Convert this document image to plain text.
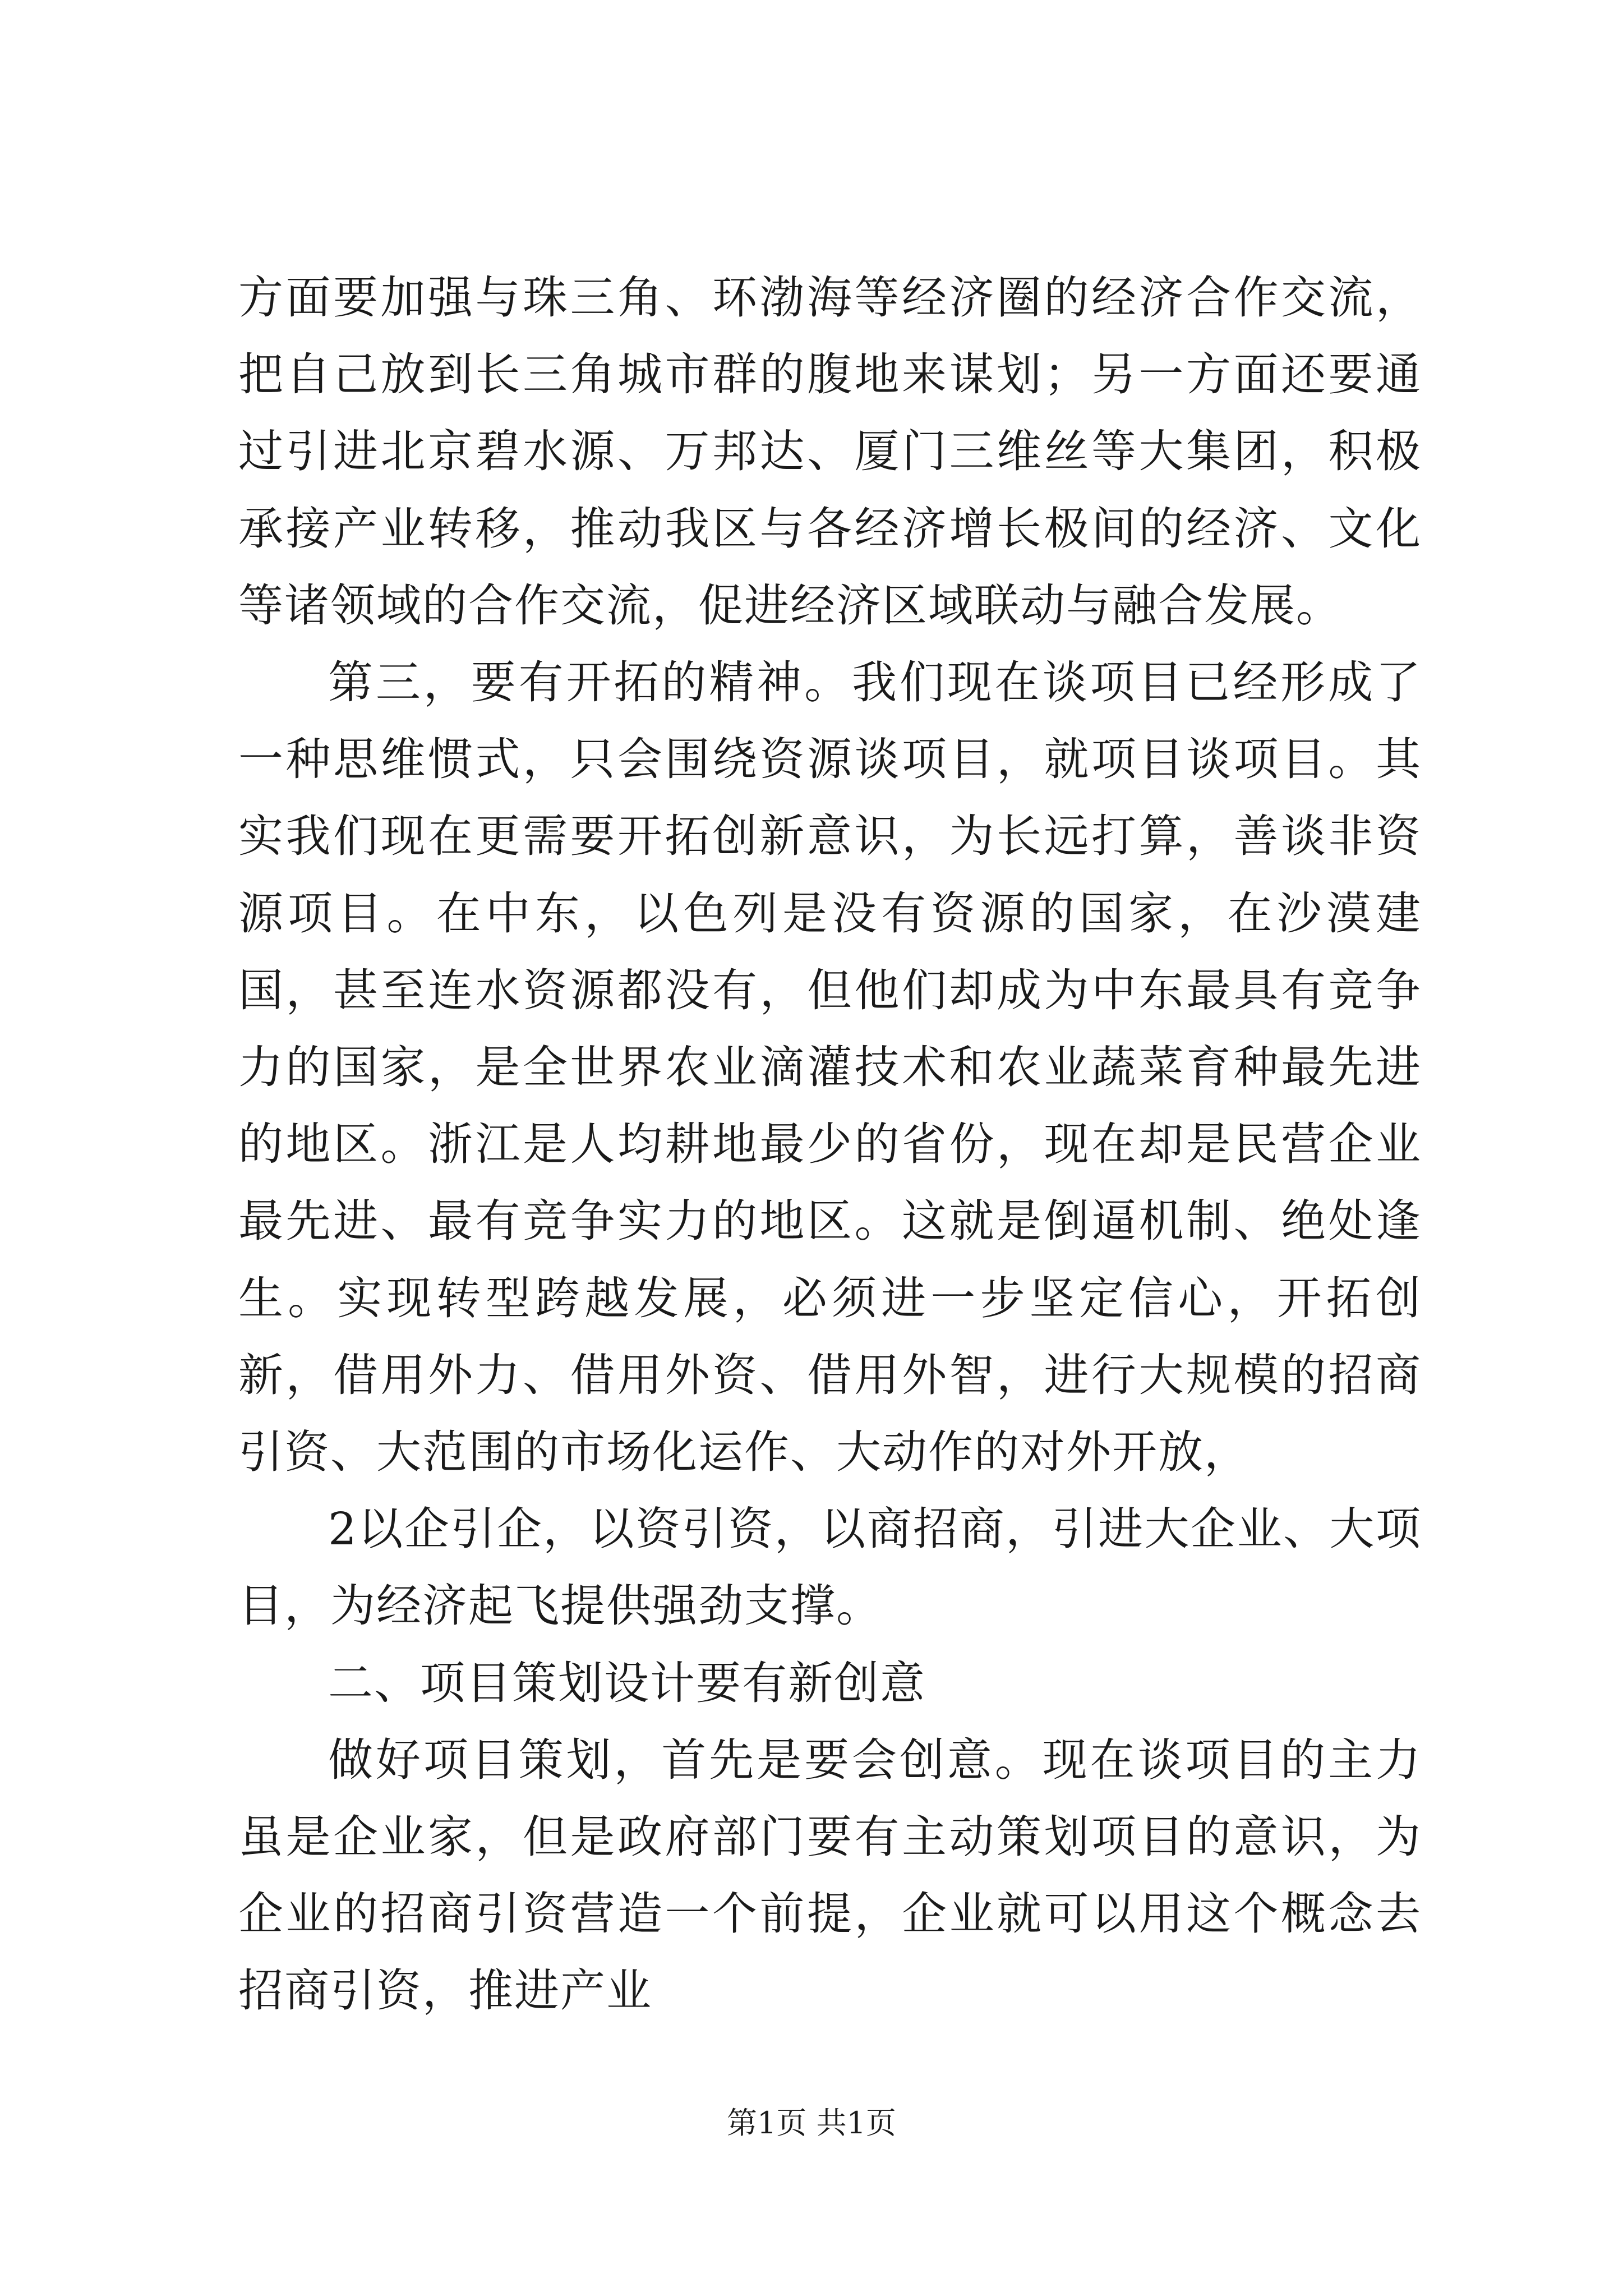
方面要加强与珠三角、环渤海等经济圈的经济合作交流，把自己放到长三角城市群的腹地来谋划；另一方面还要通过引进北京碧水源、万邦达、厦门三维丝等大集团，积极承接产业转移，推动我区与各经济增长极间的经济、文化等诸领域的合作交流，促进经济区域联动与融合发展。

第三，要有开拓的精神。我们现在谈项目已经形成了一种思维惯式，只会围绕资源谈项目，就项目谈项目。其实我们现在更需要开拓创新意识，为长远打算，善谈非资源项目。在中东，以色列是没有资源的国家，在沙漠建国，甚至连水资源都没有，但他们却成为中东最具有竞争力的国家，是全世界农业滴灌技术和农业蔬菜育种最先进的地区。浙江是人均耕地最少的省份，现在却是民营企业最先进、最有竞争实力的地区。这就是倒逼机制、绝处逢生。实现转型跨越发展，必须进一步坚定信心，开拓创新，借用外力、借用外资、借用外智，进行大规模的招商引资、大范围的市场化运作、大动作的对外开放，

2以企引企，以资引资，以商招商，引进大企业、大项目，为经济起飞提供强劲支撑。

二、项目策划设计要有新创意

做好项目策划，首先是要会创意。现在谈项目的主力虽是企业家，但是政府部门要有主动策划项目的意识，为企业的招商引资营造一个前提，企业就可以用这个概念去招商引资，推进产业

第1页 共1页
